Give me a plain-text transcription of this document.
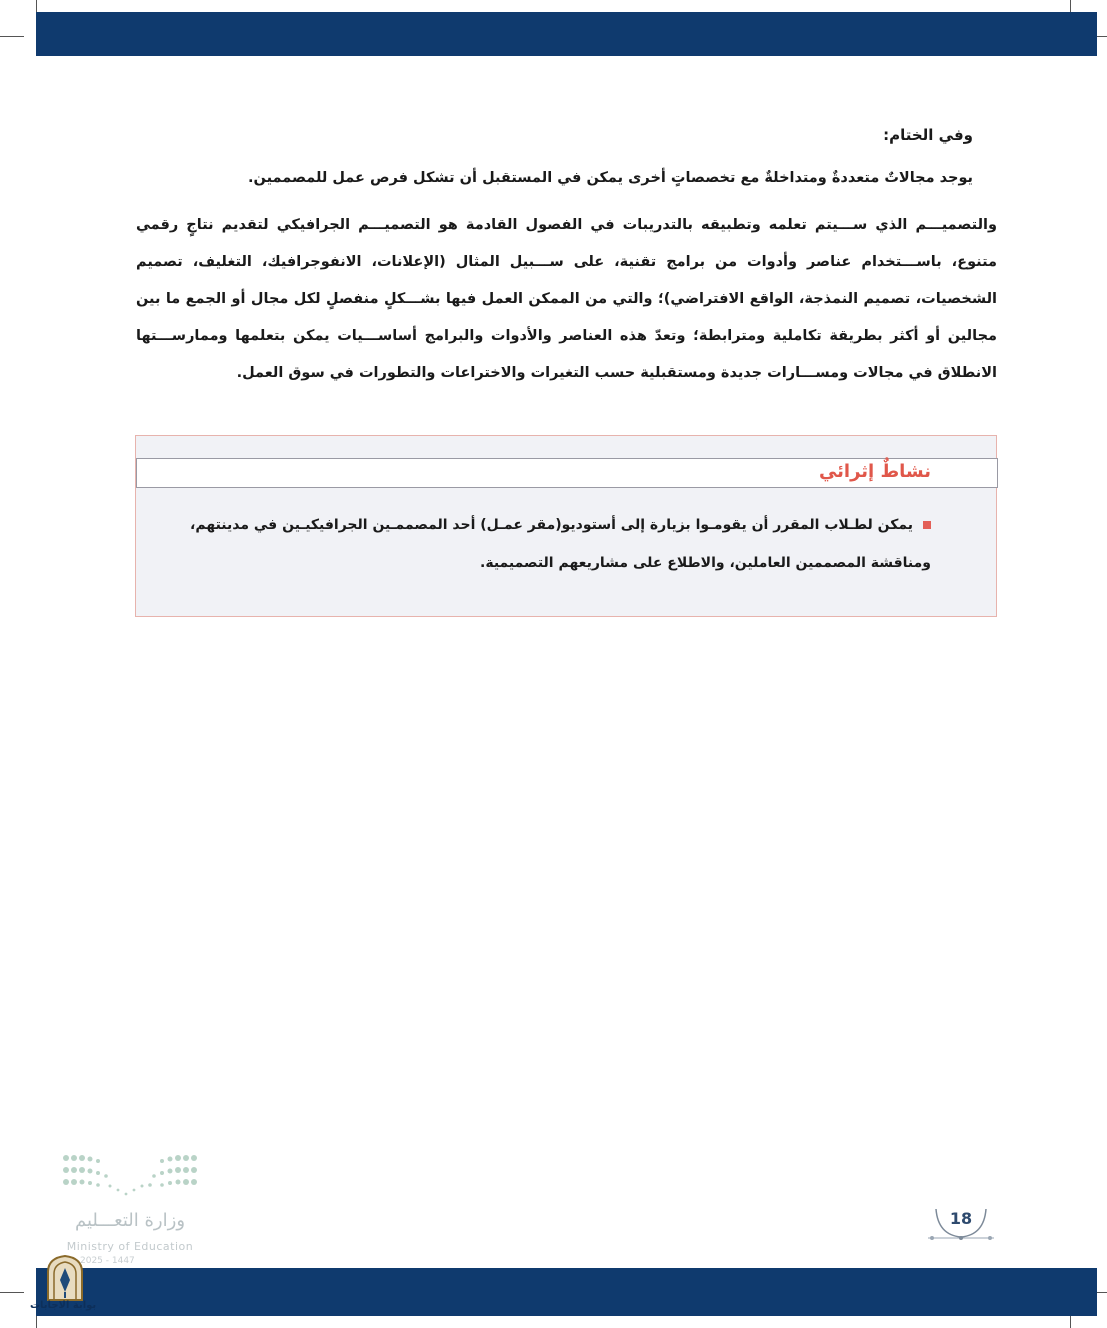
وفي الختام:
يوجد مجالاتٌ متعددةٌ ومتداخلةٌ مع تخصصاتٍ أخرى يمكن في المستقبل أن تشكل فرص عمل للمصممين.
والتصميـــم الذي ســـيتم تعلمه وتطبيقه بالتدريبات في الفصول القادمة هو التصميـــم الجرافيكي لتقديم نتاجٍ رقمي متنوع، باســـتخدام عناصر وأدوات من برامج تقنية، على ســـبيل المثال (الإعلانات، الانفوجرافيك، التغليف، تصميم الشخصيات، تصميم النمذجة، الواقع الافتراضي)؛ والتي من الممكن العمل فيها بشـــكلٍ منفصلٍ لكل مجال أو الجمع ما بين مجالين أو أكثر بطريقة تكاملية ومترابطة؛ وتعدّ هذه العناصر والأدوات والبرامج أساســـيات يمكن بتعلمها وممارســـتها الانطلاق في مجالات ومســـارات جديدة ومستقبلية حسب التغيرات والاختراعات والتطورات في سوق العمل.
نشاطٌ إثرائي
يمكن لطـلاب المقرر أن يقومـوا بزيارة إلى أستوديو(مقر عمـل) أحد المصممـين الجرافيكيـين في مدينتهم، ومناقشة المصممين العاملين، والاطلاع على مشاريعهم التصميمية.
وزارة التعـــليم
Ministry of Education
2025 - 1447
18
بوابة الاجابات
